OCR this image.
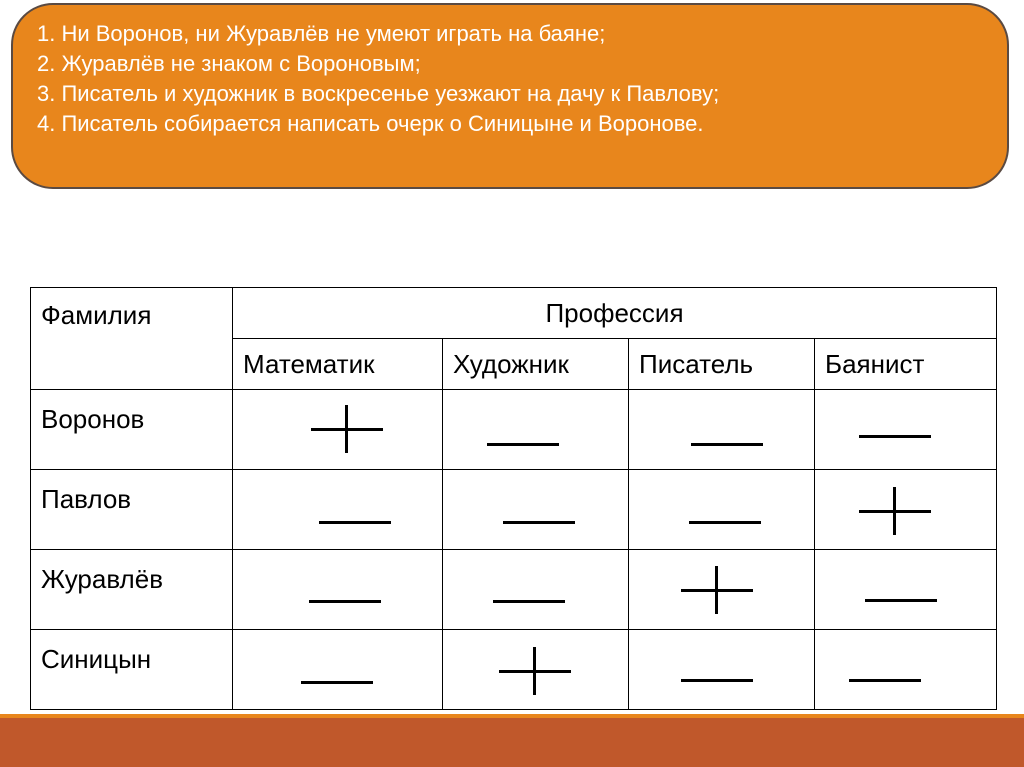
1. Ни Воронов, ни Журавлёв не умеют играть на баяне;
2. Журавлёв не знаком с Вороновым;
3. Писатель и художник в воскресенье уезжают на дачу к Павлову;
4. Писатель собирается написать очерк о Синицыне и Воронове.
Фамилия	Профессия			
	Математик	Художник	Писатель	Баянист
Воронов	

Павлов	

Журавлёв	

Синицын	
